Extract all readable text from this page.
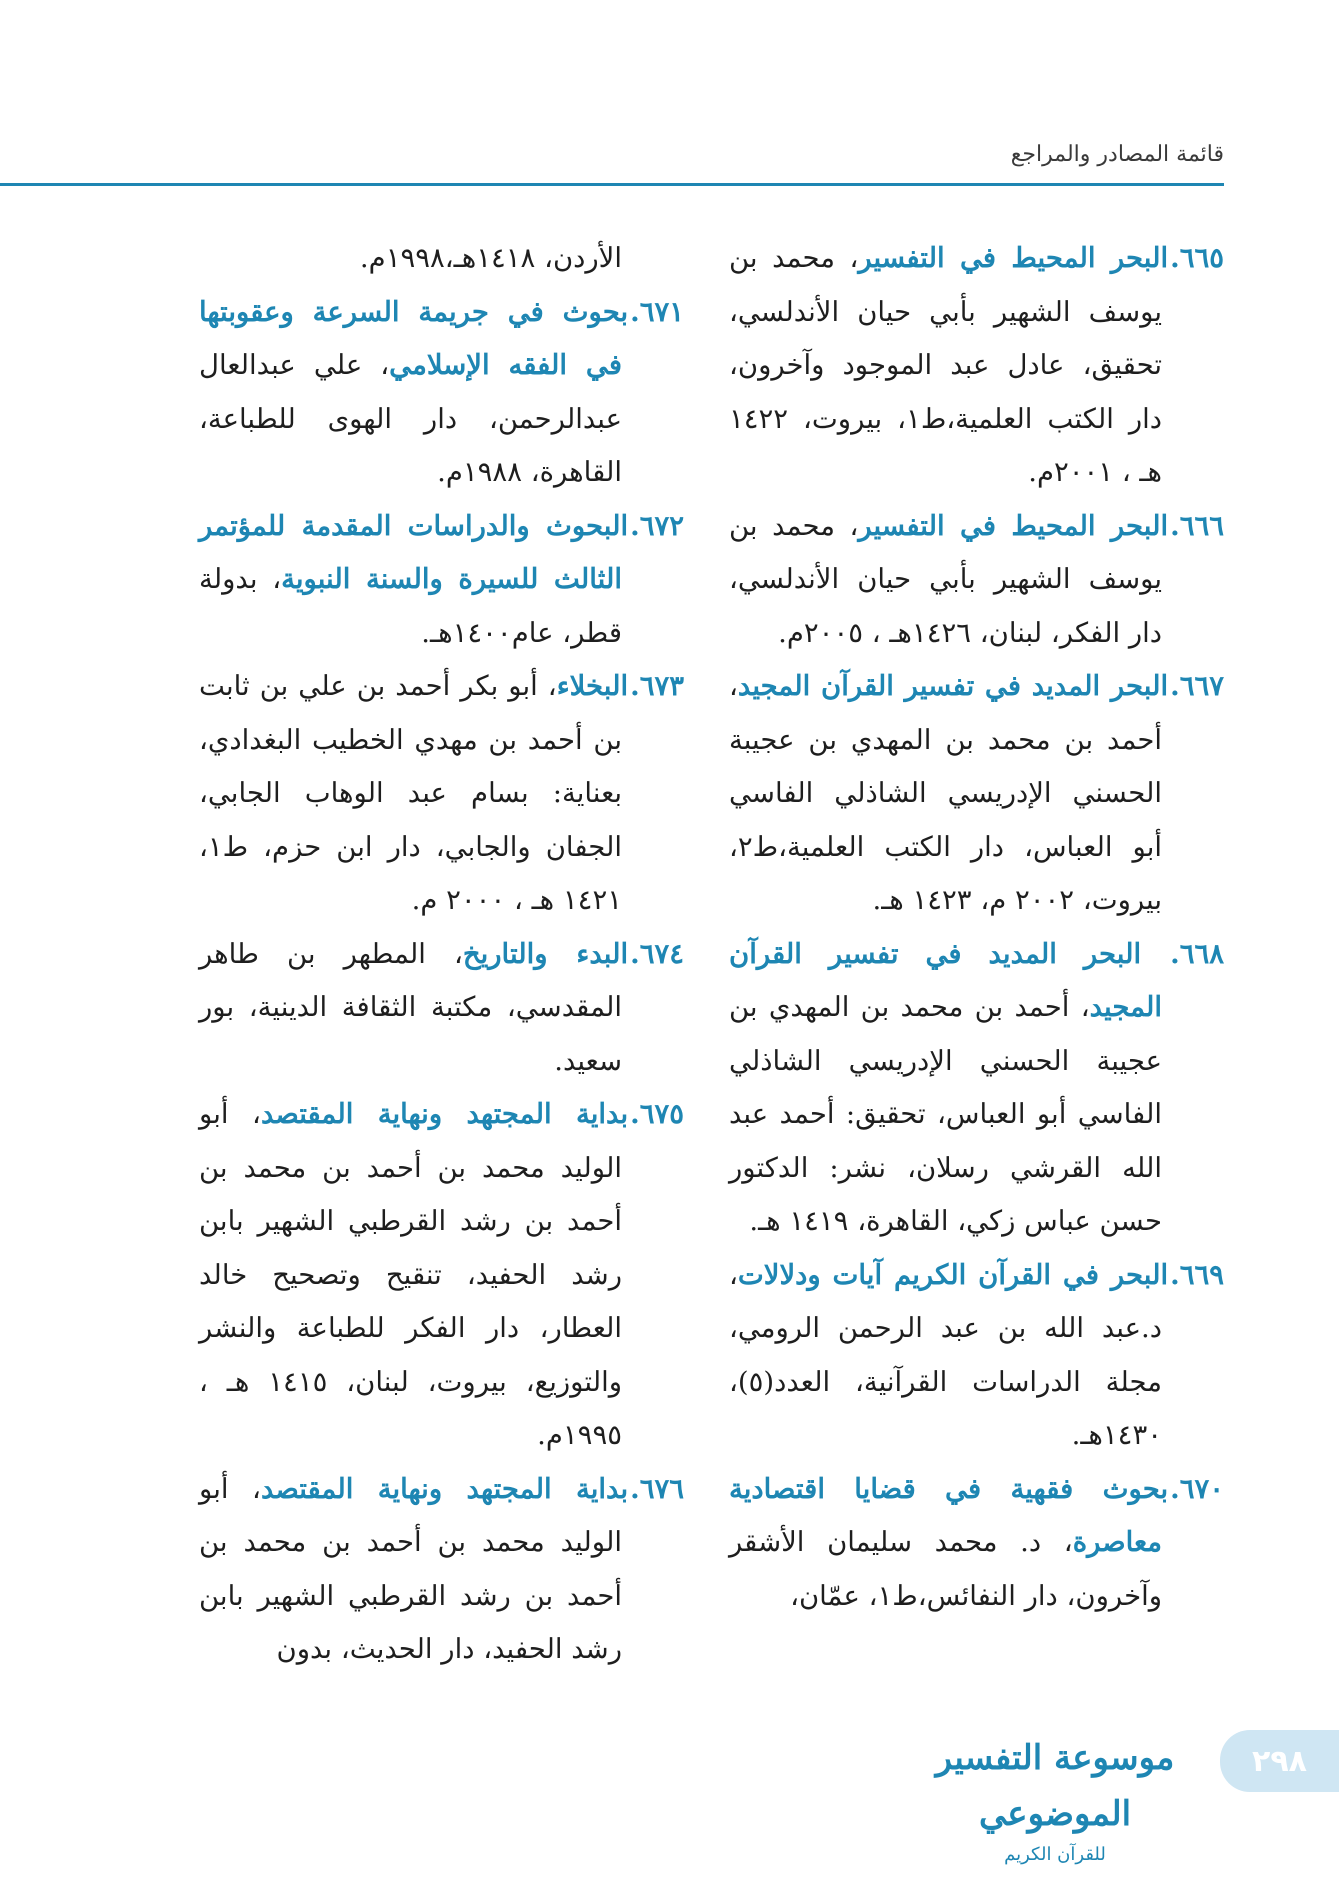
قائمة المصادر والمراجع
٦٦٥.البحر المحيط في التفسير، محمد بن يوسف الشهير بأبي حيان الأندلسي، تحقيق، عادل عبد الموجود وآخرون، دار الكتب العلمية،ط١، بيروت، ١٤٢٢ هـ ، ٢٠٠١م.
٦٦٦.البحر المحيط في التفسير، محمد بن يوسف الشهير بأبي حيان الأندلسي، دار الفكر، لبنان، ١٤٢٦هـ ، ٢٠٠٥م.
٦٦٧.البحر المديد في تفسير القرآن المجيد، أحمد بن محمد بن المهدي بن عجيبة الحسني الإدريسي الشاذلي الفاسي أبو العباس، دار الكتب العلمية،ط٢، بيروت، ٢٠٠٢ م، ١٤٢٣ هـ.
٦٦٨. البحر المديد في تفسير القرآن المجيد، أحمد بن محمد بن المهدي بن عجيبة الحسني الإدريسي الشاذلي الفاسي أبو العباس، تحقيق: أحمد عبد الله القرشي رسلان، نشر: الدكتور حسن عباس زكي، القاهرة، ١٤١٩ هـ.
٦٦٩.البحر في القرآن الكريم آيات ودلالات، د.عبد الله بن عبد الرحمن الرومي، مجلة الدراسات القرآنية، العدد(٥)، ١٤٣٠هـ.
٦٧٠.بحوث فقهية في قضايا اقتصادية معاصرة، د. محمد سليمان الأشقر وآخرون، دار النفائس،ط١، عمّان،
الأردن، ١٤١٨هـ،١٩٩٨م.
٦٧١.بحوث في جريمة السرعة وعقوبتها في الفقه الإسلامي، علي عبدالعال عبدالرحمن، دار الهوى للطباعة، القاهرة، ١٩٨٨م.
٦٧٢.البحوث والدراسات المقدمة للمؤتمر الثالث للسيرة والسنة النبوية، بدولة قطر، عام١٤٠٠هـ.
٦٧٣.البخلاء، أبو بكر أحمد بن علي بن ثابت بن أحمد بن مهدي الخطيب البغدادي، بعناية: بسام عبد الوهاب الجابي، الجفان والجابي، دار ابن حزم، ط١، ١٤٢١ هـ ، ٢٠٠٠ م.
٦٧٤.البدء والتاريخ، المطهر بن طاهر المقدسي، مكتبة الثقافة الدينية، بور سعيد.
٦٧٥.بداية المجتهد ونهاية المقتصد، أبو الوليد محمد بن أحمد بن محمد بن أحمد بن رشد القرطبي الشهير بابن رشد الحفيد، تنقيح وتصحيح خالد العطار، دار الفكر للطباعة والنشر والتوزيع، بيروت، لبنان، ١٤١٥ هـ ، ١٩٩٥م.
٦٧٦.بداية المجتهد ونهاية المقتصد، أبو الوليد محمد بن أحمد بن محمد بن أحمد بن رشد القرطبي الشهير بابن رشد الحفيد، دار الحديث، بدون
٢٩٨
موسوعة التفسير الموضوعي
للقرآن الكريم
